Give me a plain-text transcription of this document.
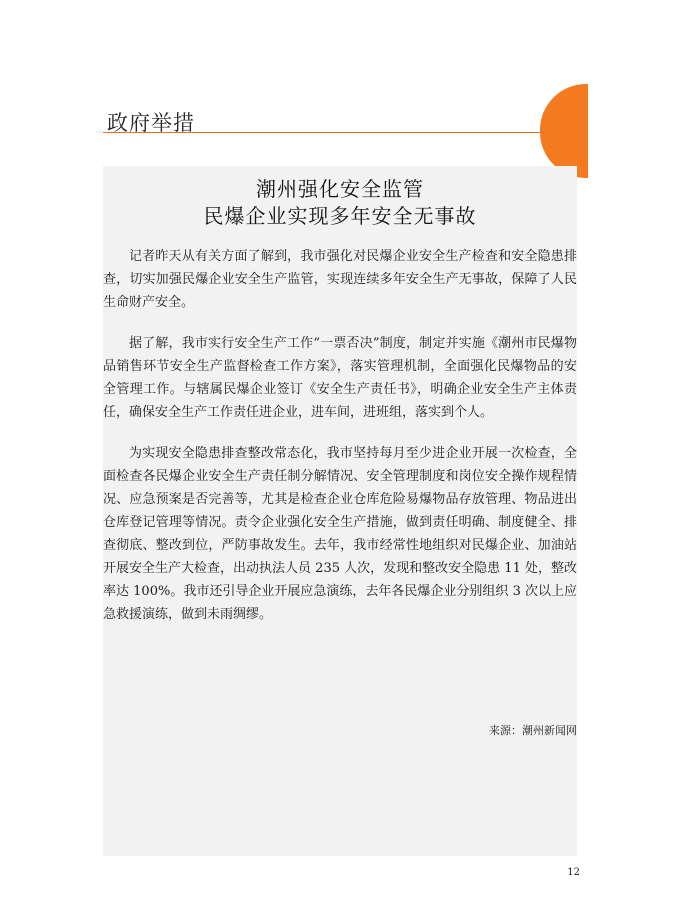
政府举措
潮州强化安全监管
民爆企业实现多年安全无事故

记者昨天从有关方面了解到，我市强化对民爆企业安全生产检查和安全隐患排查，切实加强民爆企业安全生产监管，实现连续多年安全生产无事故，保障了人民生命财产安全。

据了解，我市实行安全生产工作“一票否决”制度，制定并实施《潮州市民爆物品销售环节安全生产监督检查工作方案》，落实管理机制，全面强化民爆物品的安全管理工作。与辖属民爆企业签订《安全生产责任书》，明确企业安全生产主体责任，确保安全生产工作责任进企业，进车间，进班组，落实到个人。

为实现安全隐患排查整改常态化，我市坚持每月至少进企业开展一次检查，全面检查各民爆企业安全生产责任制分解情况、安全管理制度和岗位安全操作规程情况、应急预案是否完善等，尤其是检查企业仓库危险易爆物品存放管理、物品进出仓库登记管理等情况。责令企业强化安全生产措施，做到责任明确、制度健全、排查彻底、整改到位，严防事故发生。去年，我市经常性地组织对民爆企业、加油站开展安全生产大检查，出动执法人员 235 人次，发现和整改安全隐患 11 处，整改率达 100%。我市还引导企业开展应急演练，去年各民爆企业分别组织 3 次以上应急救援演练，做到未雨绸缪。

来源：潮州新闻网
12
